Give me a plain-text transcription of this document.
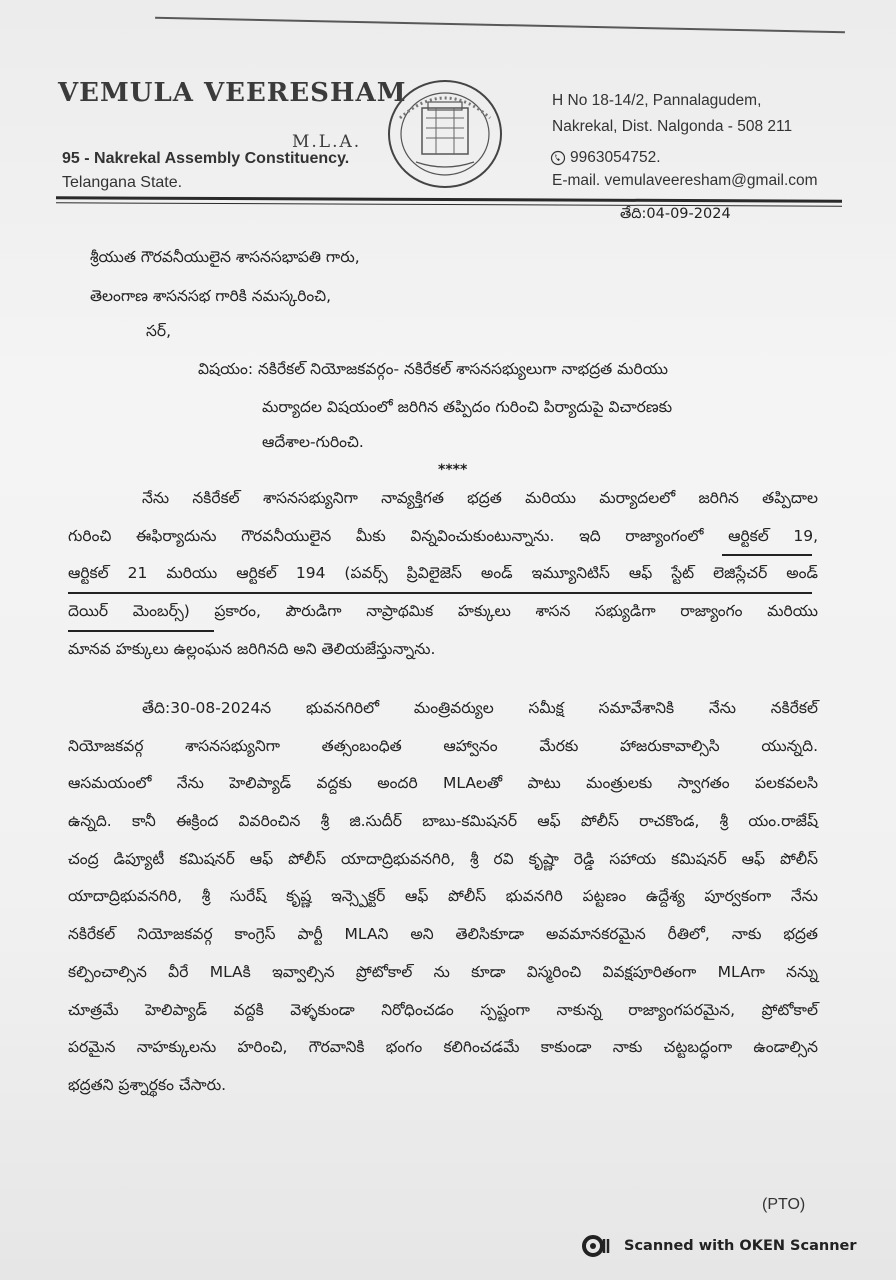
VEMULA VEERESHAM
M.L.A.
95 - Nakrekal Assembly Constituency.
Telangana State.
H No 18-14/2, Pannalagudem,
Nakrekal, Dist. Nalgonda - 508 211
9963054752.
E-mail. vemulaveeresham@gmail.com
తేది:04-09-2024
శ్రీయుత గౌరవనీయులైన శాసనసభాపతి గారు,
తెలంగాణ శాసనసభ గారికి నమస్కరించి,
సర్,
విషయం: నకిరేకల్ నియోజకవర్గం- నకిరేకల్ శాసనసభ్యులుగా నాభద్రత మరియు
మర్యాదల విషయంలో జరిగిన తప్పిదం గురించి పిర్యాదుపై విచారణకు
ఆదేశాల-గురించి.
****
నేను నకిరేకల్ శాసనసభ్యునిగా నావ్యక్తిగత భద్రత మరియు మర్యాదలలో జరిగిన తప్పిదాల
గురించి ఈఫిర్యాదును గౌరవనీయులైన మీకు విన్నవించుకుంటున్నాను. ఇది రాజ్యాంగంలో ఆర్టికల్ 19,
ఆర్టికల్ 21 మరియు ఆర్టికల్ 194 (పవర్స్ ప్రివిలైజెస్ అండ్ ఇమ్యూనిటిస్ ఆఫ్ స్టేట్ లెజిస్లేచర్ అండ్
దెయిర్ మెంబర్స్) ప్రకారం, పౌరుడిగా నాప్రాథమిక హక్కులు శాసన సభ్యుడిగా రాజ్యాంగం మరియు
మానవ హక్కులు ఉల్లంఘన జరిగినది అని తెలియజేస్తున్నాను.
తేది:30-08-2024న భువనగిరిలో మంత్రివర్యుల సమీక్ష సమావేశానికి నేను నకిరేకల్
నియోజకవర్గ శాసనసభ్యునిగా తత్సంబంధిత ఆహ్వానం మేరకు హాజరుకావాల్సిసి యున్నది.
ఆసమయంలో నేను హెలిప్యాడ్ వద్దకు అందరి MLAలతో పాటు మంత్రులకు స్వాగతం పలకవలసి
ఉన్నది. కానీ ఈక్రింద వివరించిన శ్రీ జి.సుదీర్ బాబు-కమిషనర్ ఆఫ్ పోలీస్ రాచకొండ, శ్రీ యం.రాజేష్
చంద్ర డిప్యూటీ కమిషనర్ ఆఫ్ పోలీస్ యాదాద్రిభువనగిరి, శ్రీ రవి కృష్ణా రెడ్డి సహాయ కమిషనర్ ఆఫ్ పోలీస్
యాదాద్రిభువనగిరి, శ్రీ సురేష్ కృష్ణ ఇన్స్పెక్టర్ ఆఫ్ పోలీస్ భువనగిరి పట్టణం ఉద్దేశ్య పూర్వకంగా నేను
నకిరేకల్ నియోజకవర్గ కాంగ్రెస్ పార్టీ MLAని అని తెలిసికూడా అవమానకరమైన రీతిలో, నాకు భద్రత
కల్పించాల్సిన వీరే MLAకి ఇవ్వాల్సిన ప్రోటోకాల్ ను కూడా విస్మరించి వివక్షపూరితంగా MLAగా నన్ను
చూత్రమే హెలిప్యాడ్ వద్దకి వెళ్ళకుండా నిరోధించడం స్పష్టంగా నాకున్న రాజ్యాంగపరమైన, ప్రోటోకాల్
పరమైన నాహక్కులను హరించి, గౌరవానికి భంగం కలిగించడమే కాకుండా నాకు చట్టబద్ధంగా ఉండాల్సిన
భద్రతని ప్రశ్నార్థకం చేసారు.
(PTO)
Scanned with OKEN Scanner
